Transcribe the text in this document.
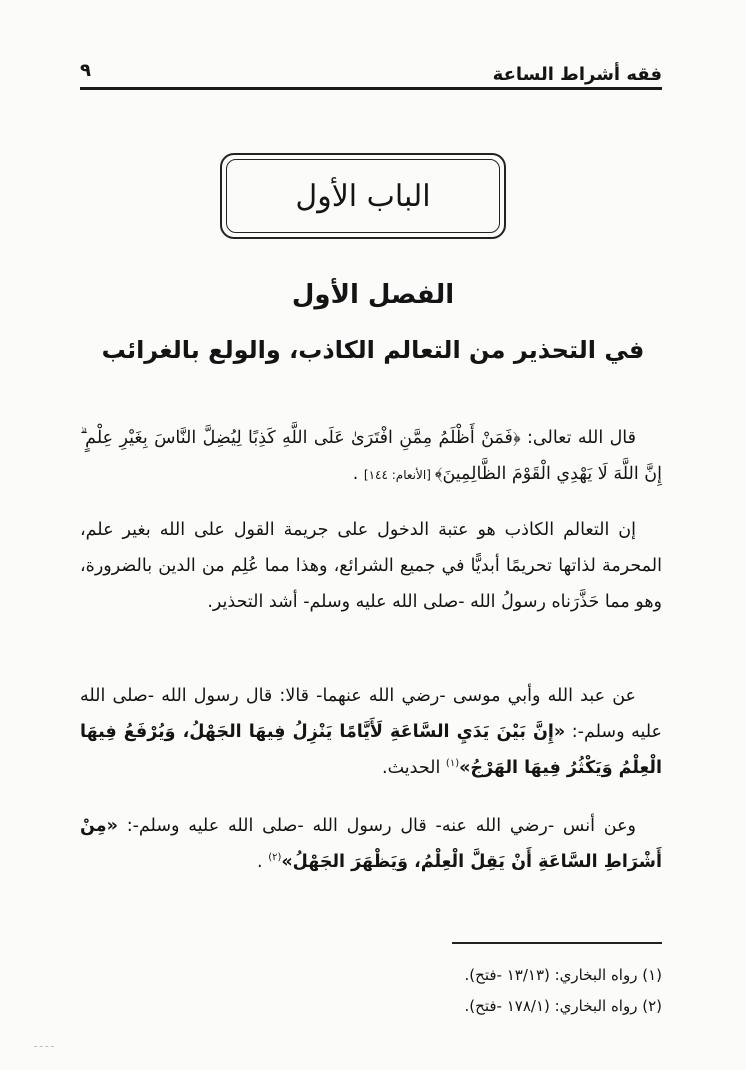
فقه أشراط الساعة
٩
الباب الأول
الفصل الأول
في التحذير من التعالم الكاذب، والولع بالغرائب

قال الله تعالى: ﴿فَمَنْ أَظْلَمُ مِمَّنِ افْتَرَىٰ عَلَى اللَّهِ كَذِبًا لِيُضِلَّ النَّاسَ بِغَيْرِ عِلْمٍ ۗ إِنَّ اللَّهَ لَا يَهْدِي الْقَوْمَ الظَّالِمِينَ﴾ [الأنعام: ١٤٤] .

إن التعالم الكاذب هو عتبة الدخول على جريمة القول على الله بغير علم، المحرمة لذاتها تحريمًا أبديًّا في جميع الشرائع، وهذا مما عُلِم من الدين بالضرورة، وهو مما حَذَّرَناه رسولُ الله -صلى الله عليه وسلم- أشد التحذير.

عن عبد الله وأبي موسى -رضي الله عنهما- قالا: قال رسول الله -صلى الله عليه وسلم-: «إِنَّ بَيْنَ يَدَيِ السَّاعَةِ لَأَيَّامًا يَنْزِلُ فِيهَا الجَهْلُ، وَيُرْفَعُ فِيهَا الْعِلْمُ وَيَكْثُرُ فِيهَا الهَرْجُ»$^{(١)}$ الحديث.

وعن أنس -رضي الله عنه- قال رسول الله -صلى الله عليه وسلم-: «مِنْ أَشْرَاطِ السَّاعَةِ أَنْ يَقِلَّ الْعِلْمُ، وَيَظْهَرَ الجَهْلُ»$^{(٢)}$ .

(١) رواه البخاري: (١٣/١٣ -فتح).
(٢) رواه البخاري: (١٧٨/١ -فتح).
